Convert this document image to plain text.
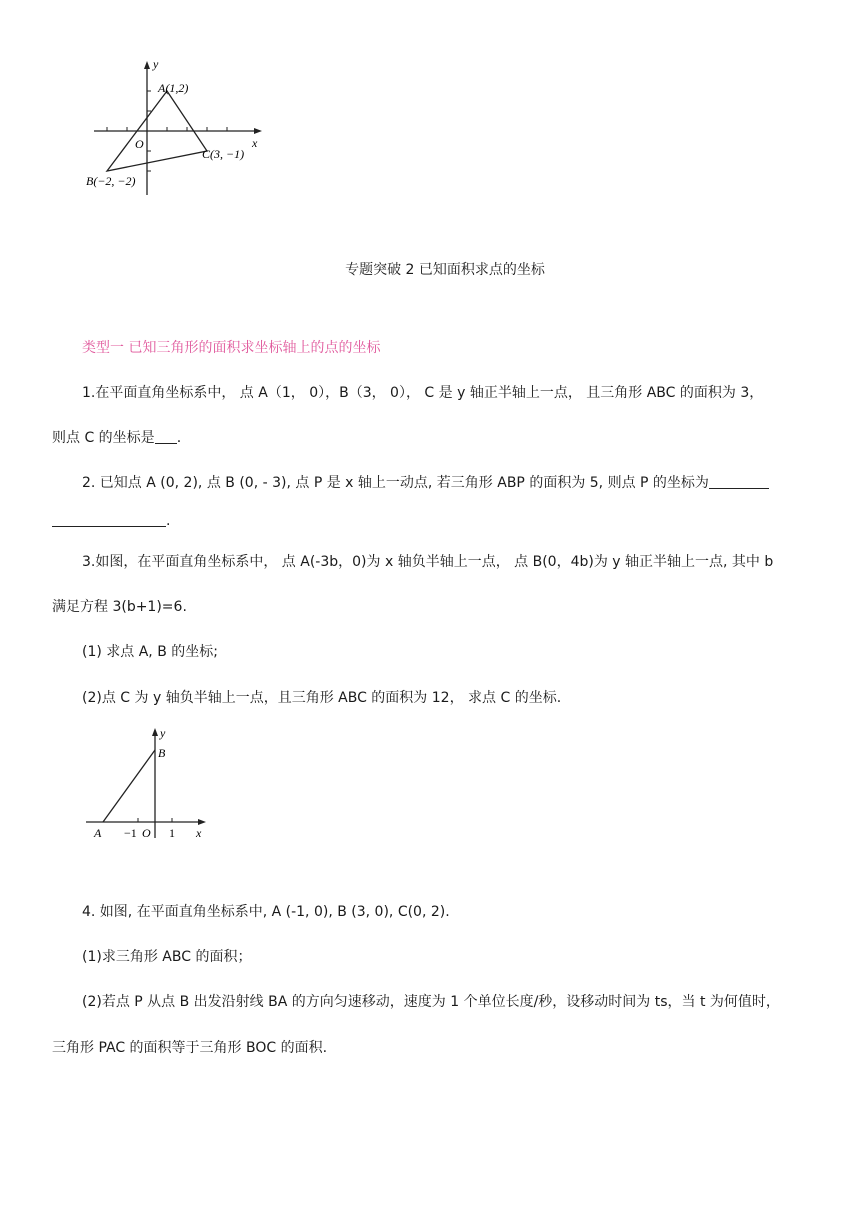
y
x
O
A(1,2)
B(−2, −2)
C(3, −1)
专题突破 2 已知面积求点的坐标
类型一 已知三角形的面积求坐标轴上的点的坐标
1.在平面直角坐标系中， 点 A（1， 0），B（3， 0）， C 是 y 轴正半轴上一点， 且三角形 ABC 的面积为 3，
则点 C 的坐标是 .
2. 已知点 A (0, 2), 点 B (0, - 3), 点 P 是 x 轴上一动点, 若三角形 ABP 的面积为 5, 则点 P 的坐标为
.
3.如图，在平面直角坐标系中， 点 A(-3b，0)为 x 轴负半轴上一点， 点 B(0，4b)为 y 轴正半轴上一点, 其中 b
满足方程 3(b+1)=6.
(1) 求点 A, B 的坐标;
(2)点 C 为 y 轴负半轴上一点，且三角形 ABC 的面积为 12， 求点 C 的坐标.
y
B
A −1 O 1 x
4. 如图, 在平面直角坐标系中, A (-1, 0), B (3, 0), C(0, 2).
(1)求三角形 ABC 的面积；
(2)若点 P 从点 B 出发沿射线 BA 的方向匀速移动，速度为 1 个单位长度/秒，设移动时间为 ts，当 t 为何值时，
三角形 PAC 的面积等于三角形 BOC 的面积.
